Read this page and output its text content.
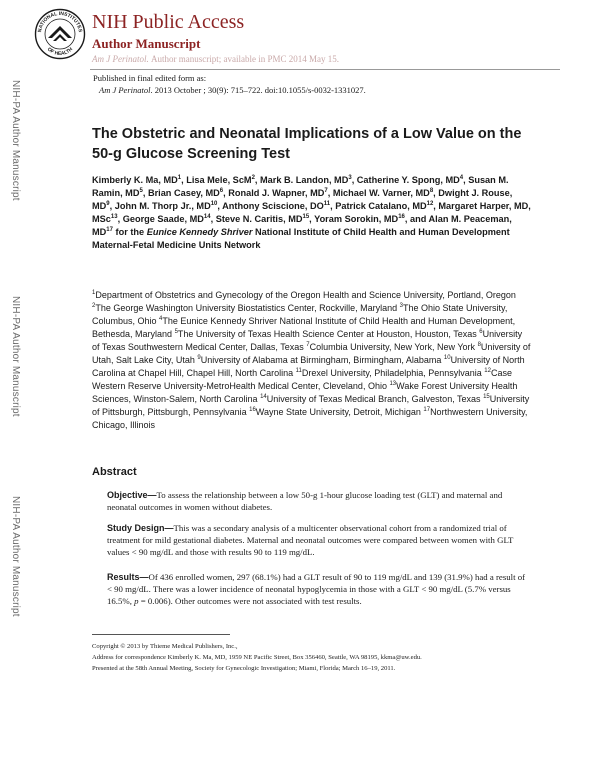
NATIONAL INSTITUTES
OF HEALTH
NIH Public Access
Author Manuscript
Am J Perinatol. Author manuscript; available in PMC 2014 May 15.
Published in final edited form as:
Am J Perinatol. 2013 October ; 30(9): 715–722. doi:10.1055/s-0032-1331027.
NIH-PA Author Manuscript
NIH-PA Author Manuscript
NIH-PA Author Manuscript
The Obstetric and Neonatal Implications of a Low Value on the 50-g Glucose Screening Test
Kimberly K. Ma, $MD^1$, Lisa Mele, ScM$^2$, Mark B. Landon, $MD^3$, Catherine Y. Spong, $MD^4$, Susan M. Ramin, $MD^5$, Brian Casey, $MD^6$, Ronald J. Wapner, $MD^7$, Michael W. Varner, $MD^8$, Dwight J. Rouse, $MD^9$, John M. Thorp Jr., MD$^{10}$, Anthony Sciscione, DO$^{11}$, Patrick Catalano, MD$^{12}$, Margaret Harper, MD, MSc$^{13}$, George Saade, MD$^{14}$, Steve N. Caritis, MD$^{15}$, Yoram Sorokin, MD$^{16}$, and Alan M. Peaceman, MD$^{17}$ for the Eunice Kennedy Shriver National Institute of Child Health and Human Development Maternal-Fetal Medicine Units Network
$^1$Department of Obstetrics and Gynecology of the Oregon Health and Science University, Portland, Oregon $^2$The George Washington University Biostatistics Center, Rockville, Maryland $^3$The Ohio State University, Columbus, Ohio $^4$The Eunice Kennedy Shriver National Institute of Child Health and Human Development, Bethesda, Maryland $^5$The University of Texas Health Science Center at Houston, Houston, Texas $^6$University of Texas Southwestern Medical Center, Dallas, Texas $^7$Columbia University, New York, New York $^8$University of Utah, Salt Lake City, Utah $^9$University of Alabama at Birmingham, Birmingham, Alabama $^{10}$University of North Carolina at Chapel Hill, Chapel Hill, North Carolina $^{11}$Drexel University, Philadelphia, Pennsylvania $^{12}$Case Western Reserve University-MetroHealth Medical Center, Cleveland, Ohio $^{13}$Wake Forest University Health Sciences, Winston-Salem, North Carolina $^{14}$University of Texas Medical Branch, Galveston, Texas $^{15}$University of Pittsburgh, Pittsburgh, Pennsylvania $^{16}$Wayne State University, Detroit, Michigan $^{17}$Northwestern University, Chicago, Illinois
Abstract
Objective—To assess the relationship between a low 50-g 1-hour glucose loading test (GLT) and maternal and neonatal outcomes in women without diabetes.
Study Design—This was a secondary analysis of a multicenter observational cohort from a randomized trial of treatment for mild gestational diabetes. Maternal and neonatal outcomes were compared between women with GLT values < 90 mg/dL and those with results 90 to 119 mg/dL.
Results—Of 436 enrolled women, 297 (68.1%) had a GLT result of 90 to 119 mg/dL and 139 (31.9%) had a result of < 90 mg/dL. There was a lower incidence of neonatal hypoglycemia in those with a GLT < 90 mg/dL (5.7% versus 16.5%, p = 0.006). Other outcomes were not associated with test results.
Copyright © 2013 by Thieme Medical Publishers, Inc.,
Address for correspondence Kimberly K. Ma, MD, 1959 NE Pacific Street, Box 356460, Seattle, WA 98195, kkma@uw.edu.
Presented at the 58th Annual Meeting, Society for Gynecologic Investigation; Miami, Florida; March 16–19, 2011.
